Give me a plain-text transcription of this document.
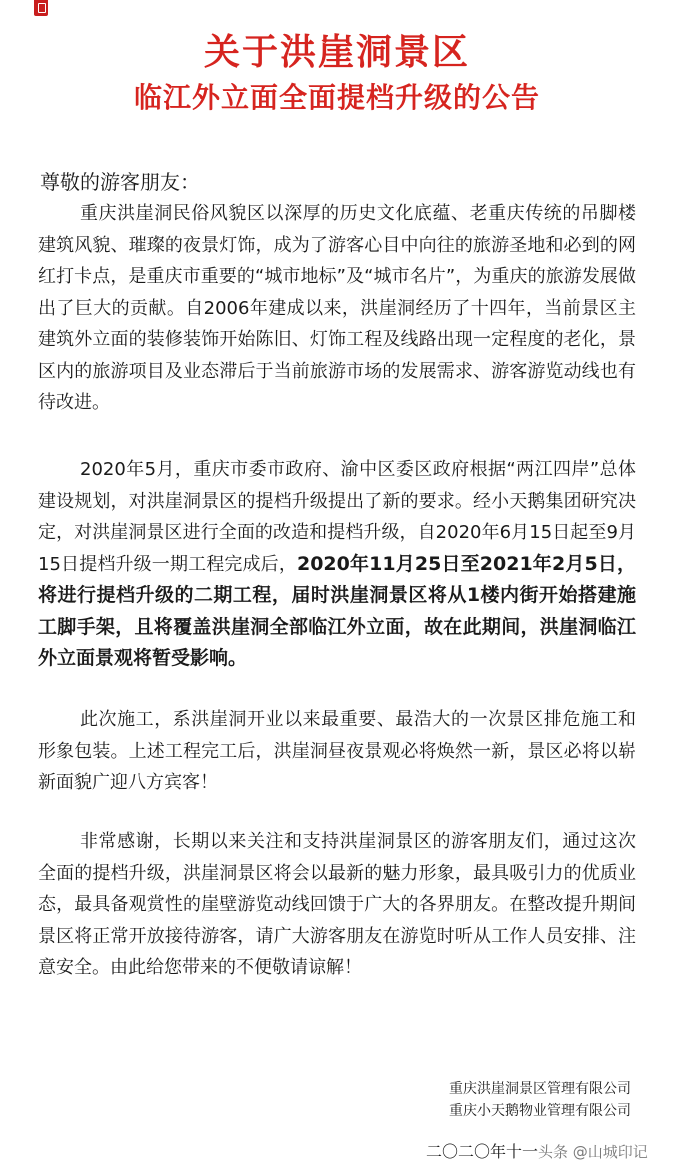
关于洪崖洞景区
临江外立面全面提档升级的公告

尊敬的游客朋友：

重庆洪崖洞民俗风貌区以深厚的历史文化底蕴、老重庆传统的吊脚楼建筑风貌、璀璨的夜景灯饰，成为了游客心目中向往的旅游圣地和必到的网红打卡点，是重庆市重要的“城市地标”及“城市名片”，为重庆的旅游发展做出了巨大的贡献。自2006年建成以来，洪崖洞经历了十四年，当前景区主建筑外立面的装修装饰开始陈旧、灯饰工程及线路出现一定程度的老化，景区内的旅游项目及业态滞后于当前旅游市场的发展需求、游客游览动线也有待改进。

2020年5月，重庆市委市政府、渝中区委区政府根据“两江四岸”总体建设规划，对洪崖洞景区的提档升级提出了新的要求。经小天鹅集团研究决定，对洪崖洞景区进行全面的改造和提档升级，自2020年6月15日起至9月15日提档升级一期工程完成后，2020年11月25日至2021年2月5日，将进行提档升级的二期工程，届时洪崖洞景区将从1楼内街开始搭建施工脚手架，且将覆盖洪崖洞全部临江外立面，故在此期间，洪崖洞临江外立面景观将暂受影响。

此次施工，系洪崖洞开业以来最重要、最浩大的一次景区排危施工和形象包装。上述工程完工后，洪崖洞昼夜景观必将焕然一新，景区必将以崭新面貌广迎八方宾客！

非常感谢，长期以来关注和支持洪崖洞景区的游客朋友们，通过这次全面的提档升级，洪崖洞景区将会以最新的魅力形象，最具吸引力的优质业态，最具备观赏性的崖壁游览动线回馈于广大的各界朋友。在整改提升期间景区将正常开放接待游客，请广大游客朋友在游览时听从工作人员安排、注意安全。由此给您带来的不便敬请谅解！

重庆洪崖洞景区管理有限公司

重庆小天鹅物业管理有限公司

二〇二〇年十一头条 @山城印记
